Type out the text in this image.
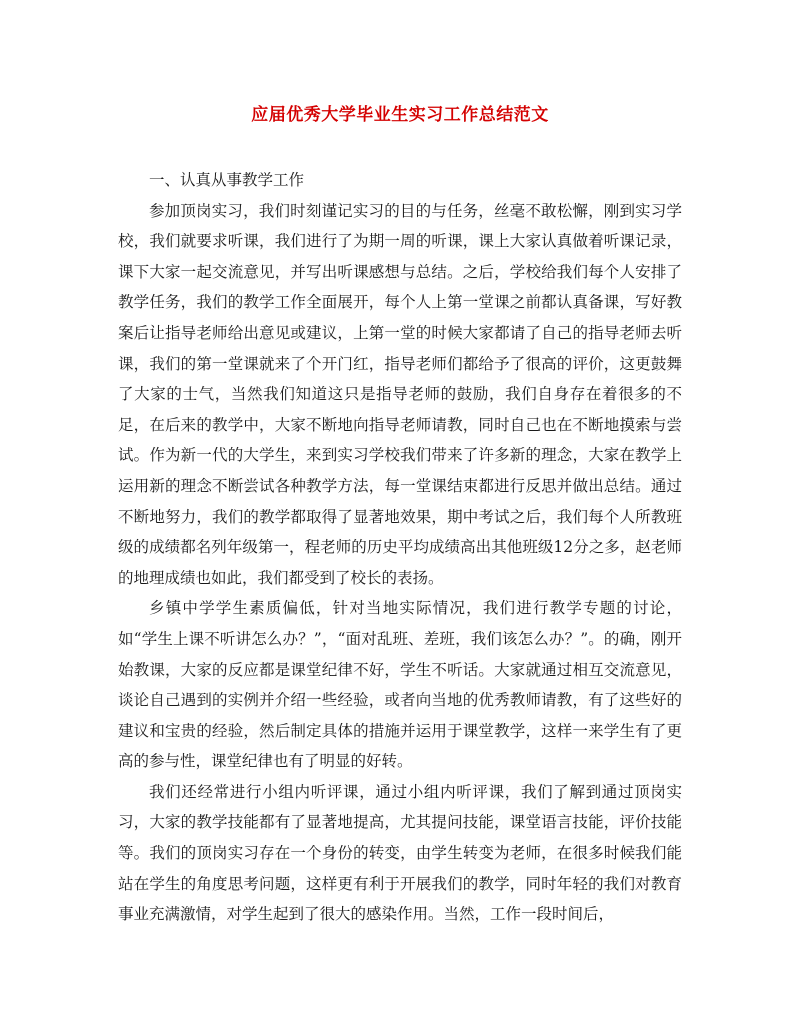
应届优秀大学毕业生实习工作总结范文

一、认真从事教学工作

参加顶岗实习，我们时刻谨记实习的目的与任务，丝毫不敢松懈，刚到实习学校，我们就要求听课，我们进行了为期一周的听课，课上大家认真做着听课记录，课下大家一起交流意见，并写出听课感想与总结。之后，学校给我们每个人安排了教学任务，我们的教学工作全面展开，每个人上第一堂课之前都认真备课，写好教案后让指导老师给出意见或建议，上第一堂的时候大家都请了自己的指导老师去听课，我们的第一堂课就来了个开门红，指导老师们都给予了很高的评价，这更鼓舞了大家的士气，当然我们知道这只是指导老师的鼓励，我们自身存在着很多的不足，在后来的教学中，大家不断地向指导老师请教，同时自己也在不断地摸索与尝试。作为新一代的大学生，来到实习学校我们带来了许多新的理念，大家在教学上运用新的理念不断尝试各种教学方法，每一堂课结束都进行反思并做出总结。通过不断地努力，我们的教学都取得了显著地效果，期中考试之后，我们每个人所教班级的成绩都名列年级第一，程老师的历史平均成绩高出其他班级12分之多，赵老师的地理成绩也如此，我们都受到了校长的表扬。

乡镇中学学生素质偏低，针对当地实际情况，我们进行教学专题的讨论，如“学生上课不听讲怎么办？”，“面对乱班、差班，我们该怎么办？”。的确，刚开始教课，大家的反应都是课堂纪律不好，学生不听话。大家就通过相互交流意见，谈论自己遇到的实例并介绍一些经验，或者向当地的优秀教师请教，有了这些好的建议和宝贵的经验，然后制定具体的措施并运用于课堂教学，这样一来学生有了更高的参与性，课堂纪律也有了明显的好转。

我们还经常进行小组内听评课，通过小组内听评课，我们了解到通过顶岗实习，大家的教学技能都有了显著地提高，尤其提问技能，课堂语言技能，评价技能等。我们的顶岗实习存在一个身份的转变，由学生转变为老师，在很多时候我们能站在学生的角度思考问题，这样更有利于开展我们的教学，同时年轻的我们对教育事业充满激情，对学生起到了很大的感染作用。当然，工作一段时间后，
